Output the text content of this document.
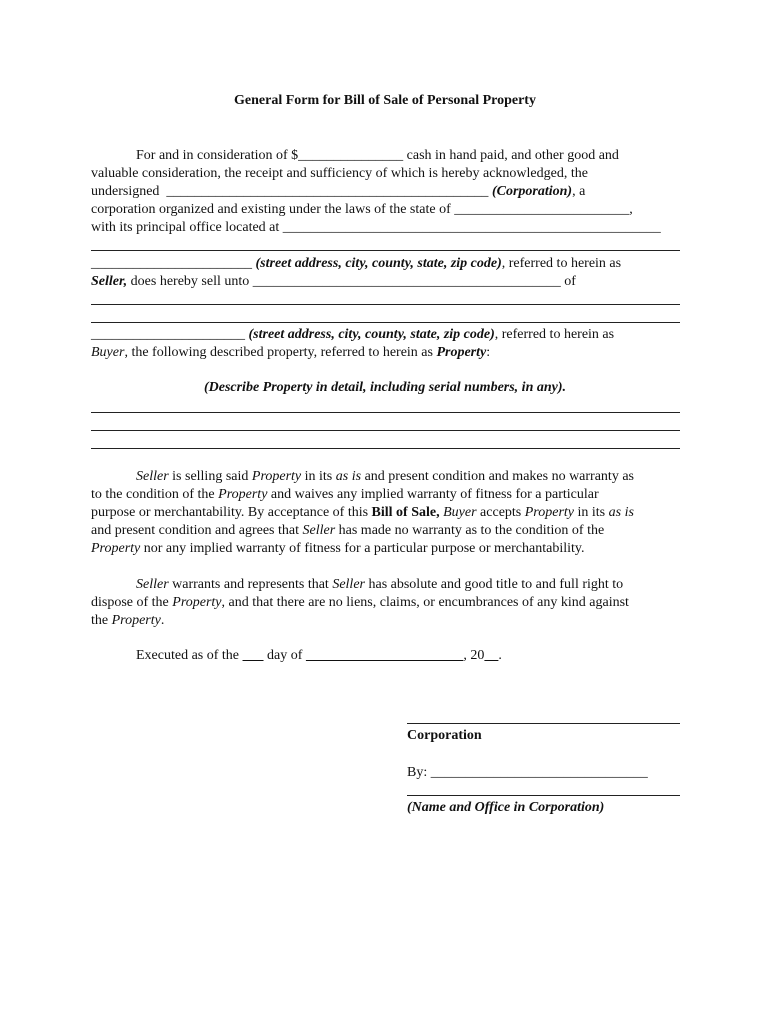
General Form for Bill of Sale of Personal Property

For and in consideration of $_______________ cash in hand paid, and other good and

valuable consideration, the receipt and sufficiency of which is hereby acknowledged, the

undersigned  ______________________________________________ (Corporation), a

corporation organized and existing under the laws of the state of _________________________,

with its principal office located at ______________________________________________________

_______________________ (street address, city, county, state, zip code), referred to herein as

Seller, does hereby sell unto ____________________________________________ of

______________________ (street address, city, county, state, zip code), referred to herein as

Buyer, the following described property, referred to herein as Property:

(Describe Property in detail, including serial numbers, in any).

Seller is selling said Property in its as is and present condition and makes no warranty as

to the condition of the Property and waives any implied warranty of fitness for a particular

purpose or merchantability. By acceptance of this Bill of Sale, Buyer accepts Property in its as is

and present condition and agrees that Seller has made no warranty as to the condition of the

Property nor any implied warranty of fitness for a particular purpose or merchantability.

Seller warrants and represents that Seller has absolute and good title to and full right to

dispose of the Property, and that there are no liens, claims, or encumbrances of any kind against

the Property.

Executed as of the        day of	, 20 .

Corporation
By: _______________________________
(Name and Office in Corporation)
